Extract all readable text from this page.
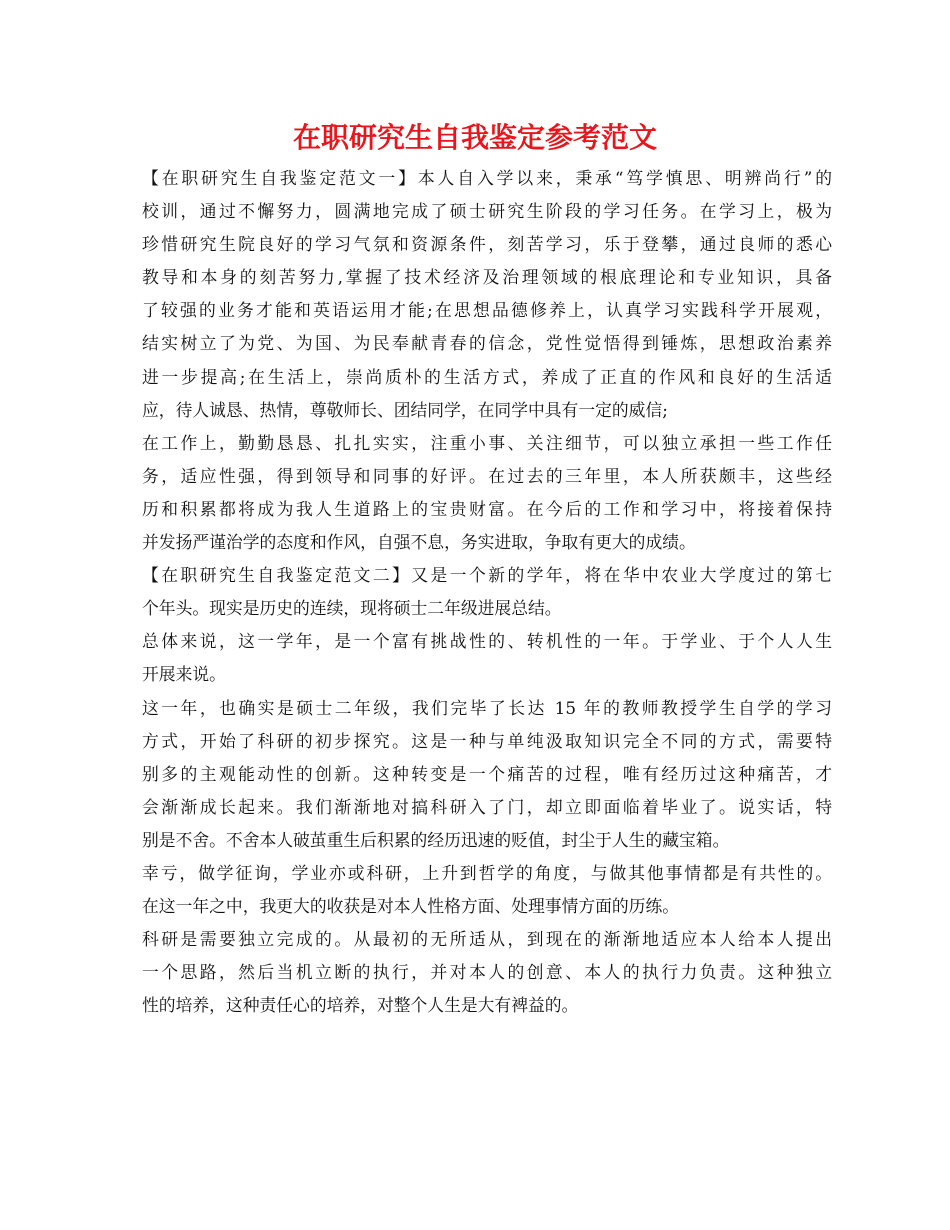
在职研究生自我鉴定参考范文
【在职研究生自我鉴定范文一】本人自入学以来，秉承“笃学慎思、明辨尚行”的
校训，通过不懈努力，圆满地完成了硕士研究生阶段的学习任务。在学习上，极为
珍惜研究生院良好的学习气氛和资源条件，刻苦学习，乐于登攀，通过良师的悉心
教导和本身的刻苦努力,掌握了技术经济及治理领域的根底理论和专业知识，具备
了较强的业务才能和英语运用才能;在思想品德修养上，认真学习实践科学开展观，
结实树立了为党、为国、为民奉献青春的信念，党性觉悟得到锤炼，思想政治素养
进一步提高;在生活上，崇尚质朴的生活方式，养成了正直的作风和良好的生活适
应，待人诚恳、热情，尊敬师长、团结同学，在同学中具有一定的威信;
在工作上，勤勤恳恳、扎扎实实，注重小事、关注细节，可以独立承担一些工作任
务，适应性强，得到领导和同事的好评。在过去的三年里，本人所获颇丰，这些经
历和积累都将成为我人生道路上的宝贵财富。在今后的工作和学习中，将接着保持
并发扬严谨治学的态度和作风，自强不息，务实进取，争取有更大的成绩。
【在职研究生自我鉴定范文二】又是一个新的学年，将在华中农业大学度过的第七
个年头。现实是历史的连续，现将硕士二年级进展总结。
总体来说，这一学年，是一个富有挑战性的、转机性的一年。于学业、于个人人生
开展来说。
这一年，也确实是硕士二年级，我们完毕了长达 15 年的教师教授学生自学的学习
方式，开始了科研的初步探究。这是一种与单纯汲取知识完全不同的方式，需要特
别多的主观能动性的创新。这种转变是一个痛苦的过程，唯有经历过这种痛苦，才
会渐渐成长起来。我们渐渐地对搞科研入了门，却立即面临着毕业了。说实话，特
别是不舍。不舍本人破茧重生后积累的经历迅速的贬值，封尘于人生的藏宝箱。
幸亏，做学征询，学业亦或科研，上升到哲学的角度，与做其他事情都是有共性的。
在这一年之中，我更大的收获是对本人性格方面、处理事情方面的历练。
科研是需要独立完成的。从最初的无所适从，到现在的渐渐地适应本人给本人提出
一个思路，然后当机立断的执行，并对本人的创意、本人的执行力负责。这种独立
性的培养，这种责任心的培养，对整个人生是大有裨益的。
